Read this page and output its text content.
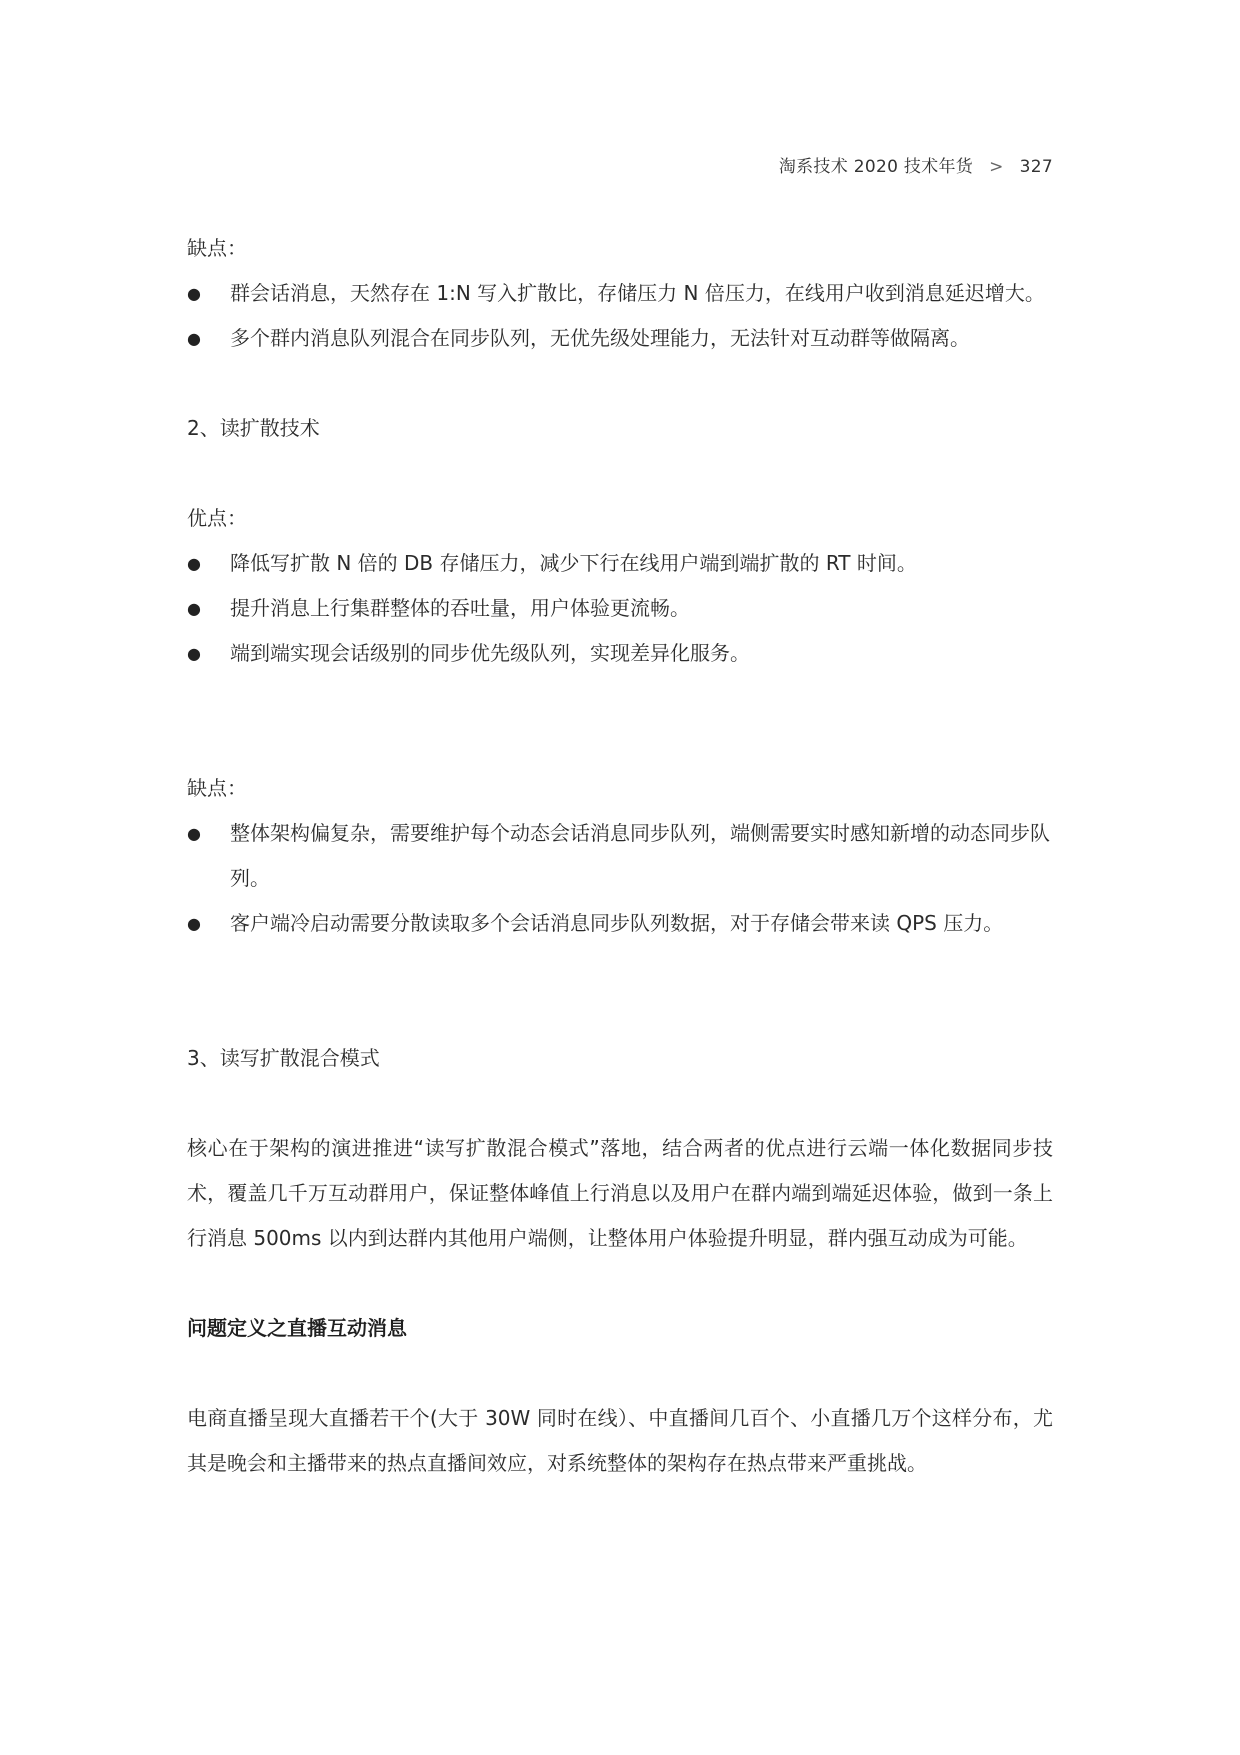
淘系技术 2020 技术年货 > 327

缺点：

● 群会话消息，天然存在 1:N 写入扩散比，存储压力 N 倍压力，在线用户收到消息延迟增大。
● 多个群内消息队列混合在同步队列，无优先级处理能力，无法针对互动群等做隔离。

2、读扩散技术

优点：

● 降低写扩散 N 倍的 DB 存储压力，减少下行在线用户端到端扩散的 RT 时间。
● 提升消息上行集群整体的吞吐量，用户体验更流畅。
● 端到端实现会话级别的同步优先级队列，实现差异化服务。

缺点：

● 整体架构偏复杂，需要维护每个动态会话消息同步队列，端侧需要实时感知新增的动态同步队列。
● 客户端冷启动需要分散读取多个会话消息同步队列数据，对于存储会带来读 QPS 压力。

3、读写扩散混合模式

核心在于架构的演进推进“读写扩散混合模式”落地，结合两者的优点进行云端一体化数据同步技术，覆盖几千万互动群用户，保证整体峰值上行消息以及用户在群内端到端延迟体验，做到一条上行消息 500ms 以内到达群内其他用户端侧，让整体用户体验提升明显，群内强互动成为可能。

问题定义之直播互动消息

电商直播呈现大直播若干个(大于 30W 同时在线）、中直播间几百个、小直播几万个这样分布，尤其是晚会和主播带来的热点直播间效应，对系统整体的架构存在热点带来严重挑战。
